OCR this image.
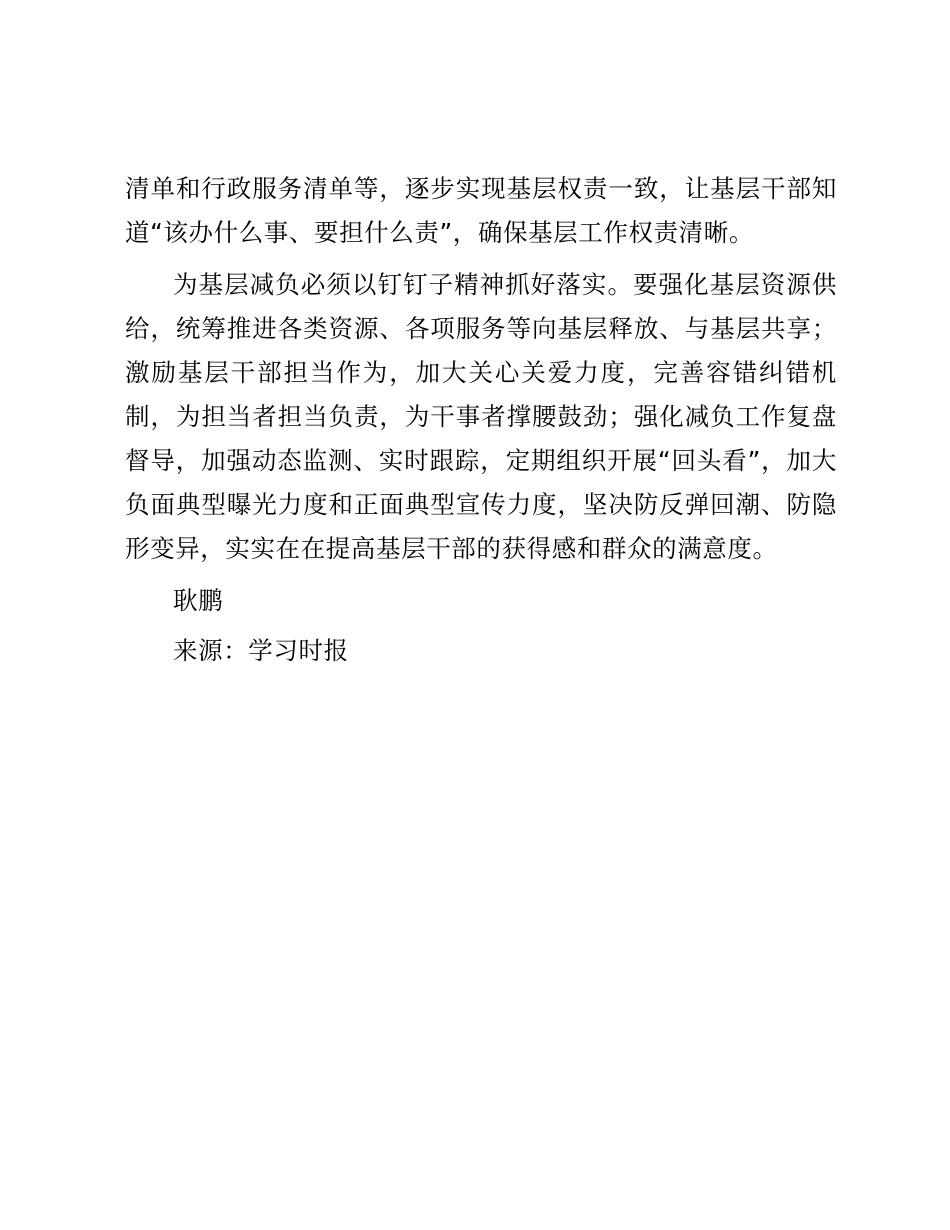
清单和行政服务清单等，逐步实现基层权责一致，让基层干部知
道“该办什么事、要担什么责”，确保基层工作权责清晰。
为基层减负必须以钉钉子精神抓好落实。要强化基层资源供
给，统筹推进各类资源、各项服务等向基层释放、与基层共享；
激励基层干部担当作为，加大关心关爱力度，完善容错纠错机
制，为担当者担当负责，为干事者撑腰鼓劲；强化减负工作复盘
督导，加强动态监测、实时跟踪，定期组织开展“回头看”，加大
负面典型曝光力度和正面典型宣传力度，坚决防反弹回潮、防隐
形变异，实实在在提高基层干部的获得感和群众的满意度。
耿鹏
来源：学习时报
